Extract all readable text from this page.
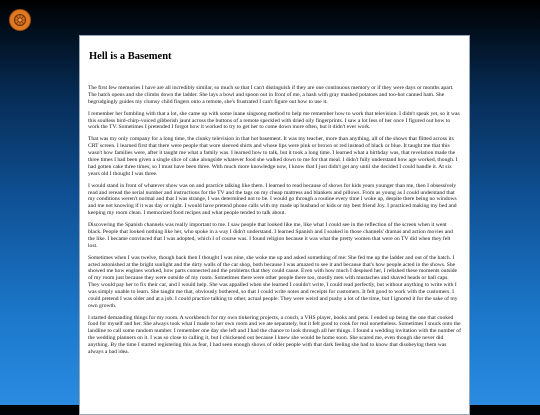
Hell is a Basement

The first few memories I have are all incredibly similar, so much so that I can't distinguish if they are one continuous memory or if they were days or months apart. The hatch opens and she climbs down the ladder. She lays a bowl and spoon out in front of me, a hash with gray mashed potatoes and too-hot canned ham. She begrudgingly guides my clumsy child fingers onto a remote, she's frustrated I can't figure out how to use it.

I remember her fumbling with that a lot, she came up with some inane singsong method to help me remember how to work that television. I didn't speak yet, so it was this soulless bird-chirp-voiced gibberish jaunt across the buttons of a remote speckled with dried oily fingerprints. I saw a lot less of her once I figured out how to work the TV. Sometimes I pretended I forgot how it worked to try to get her to come down more often, but it didn't ever work.

That was my only company for a long time, the clunky television in that hot basement. It was my teacher, more than anything, all of the shows that flitted across its CRT screen. I learned first that there were people that wore sleeved shirts and whose lips were pink or brown or red instead of black or blue. It taught me that this wasn't how families were, after it taught me what a family was. I learned how to talk, but it took a long time. I learned what a birthday was, that revelation made the three times I had been given a single slice of cake alongside whatever food she walked down to me for that meal. I didn't fully understand how age worked, though. I had gotten cake three times, so I must have been three. With much more knowledge now, I know that I just didn't get any until she decided I could handle it. At six years old I thought I was three.

I would stand in front of whatever show was on and practice talking like them. I learned to read because of shows for kids years younger than me, then I obsessively read and reread the serial number and instructions for the TV and the tags on my cheap mattress and blankets and pillows. From as young as I could understand that my conditions weren't normal and that I was strange, I was determined not to be. I would go through a routine every time I woke up, despite there being no windows and me not knowing if it was day or night. I would have pretend phone calls with my made up husband or kids or my best friend Joy. I practiced making my bed and keeping my room clean. I memorized food recipes and what people tended to talk about.

Discovering the Spanish channels was really important to me. I saw people that looked like me, like what I could see in the reflection of the screen when it went black. People that looked nothing like her, who spoke in a way I didn't understand. I learned Spanish and I soaked in those channels' dramas and action movies and the like. I became convinced that I was adopted, which I of course was. I found religion because it was what the pretty women that were on TV did when they felt lost.

Sometimes when I was twelve, though back then I thought I was nine, she woke me up and asked something of me: She fed me up the ladder and out of the hatch. I acted astonished at the bright sunlight and the dirty walls of the car shop, both because I was amazed to see it and because that's how people acted in the shows. She showed me how engines worked, how parts connected and the problems that they could cause. Even with how much I despised her, I relished these moments outside of my room just because they were outside of my room. Sometimes there were other people there too, mostly men with mustaches and shaved heads or ball caps. They would pay her to fix their car, and I would help. She was appalled when she learned I couldn't write, I could read perfectly, but without anything to write with I was simply unable to learn. She taught me that, obviously bothered, so that I could write notes and receipts for customers. It felt good to work with the customers. I could pretend I was older and at a job. I could practice talking to other, actual people. They were weird and pushy a lot of the time, but I ignored it for the sake of my own growth.

I started demanding things for my room. A workbench for my own tinkering projects, a couch, a VHS player, books and pens. I ended up being the one that cooked food for myself and her. She always took what I made to her own room and we ate separately, but it felt good to cook for real nonetheless. Sometimes I snuck onto the landline to call some random number. I remember one day she left and I had the chance to look through all her things. I found a wedding invitation with the number of the wedding planners on it. I was so close to calling it, but I chickened out because I knew she would be home soon. She scared me, even though she never did anything. By the time I started registering this as fear, I had seen enough shows of older people with that dark feeling she had to know that disobeying them was always a bad idea.
